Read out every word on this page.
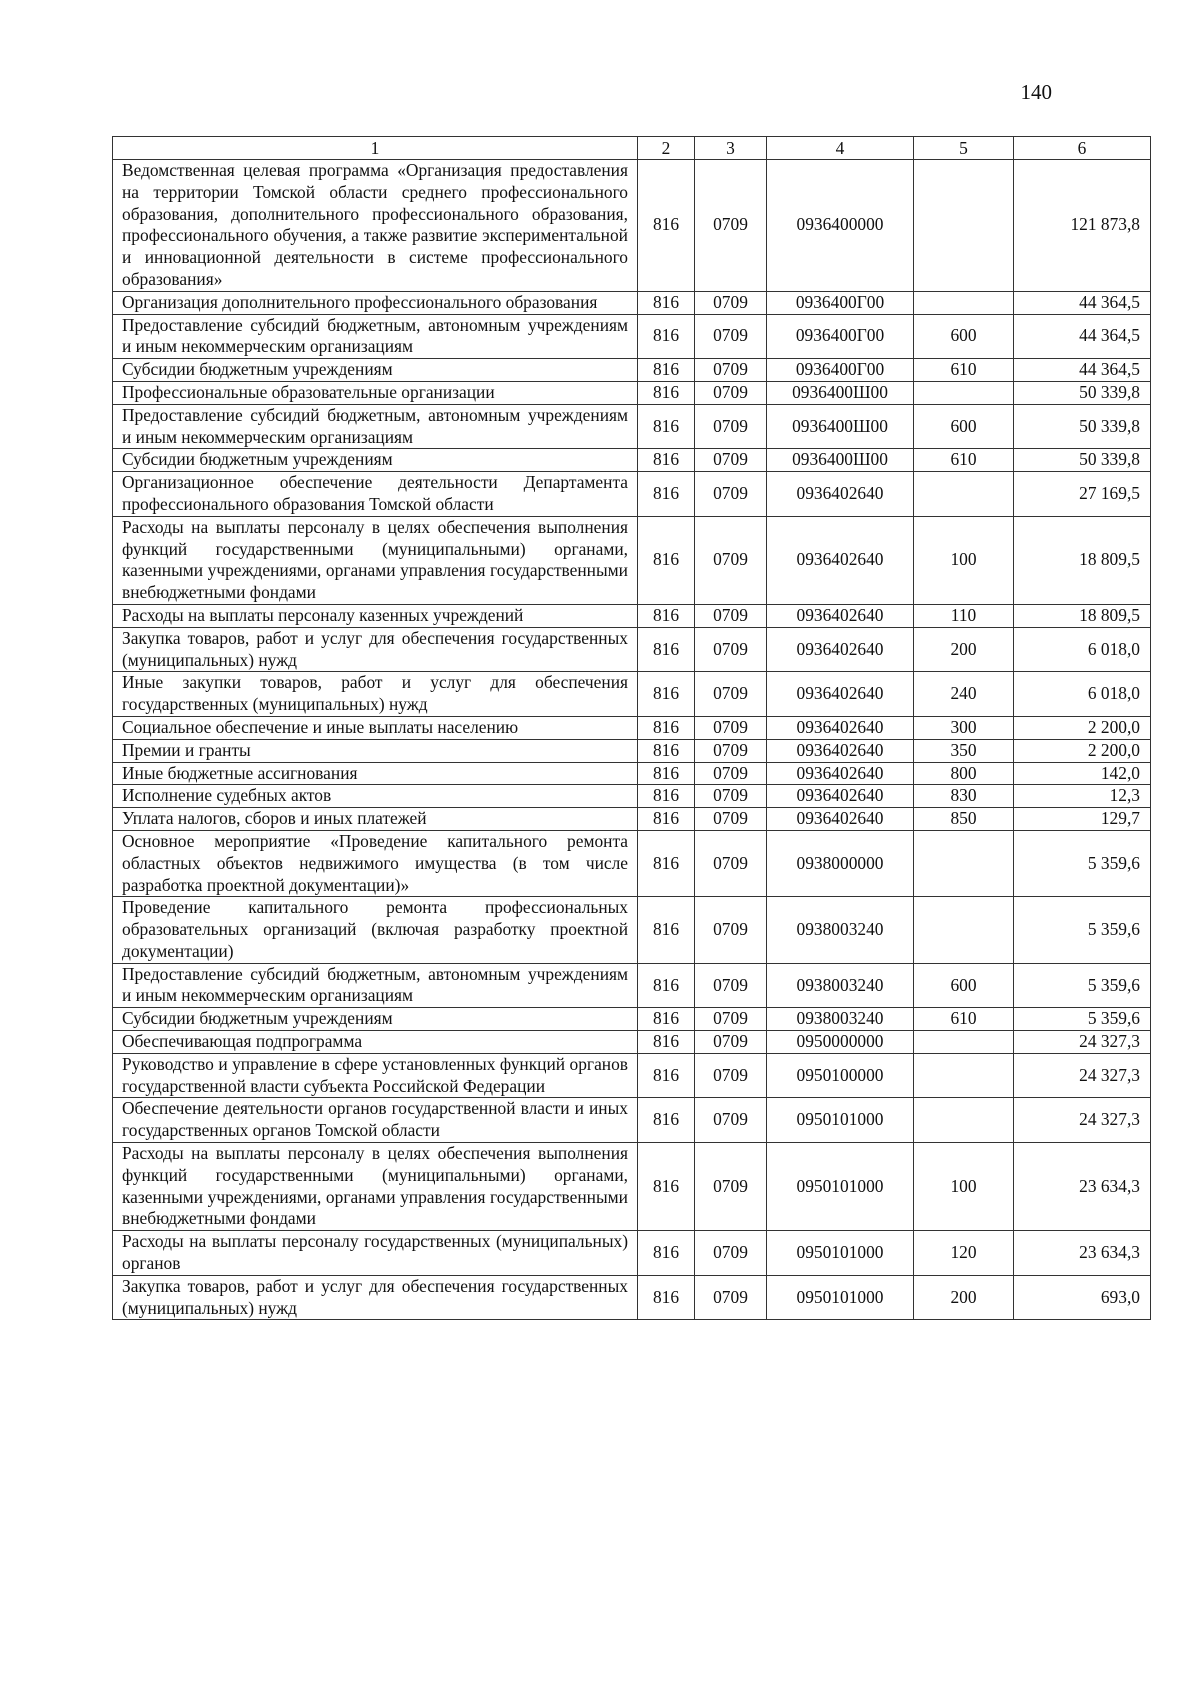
140
1	2	3	4	5	6
Ведомственная целевая программа «Организация предоставления на территории Томской области среднего профессионального образования, дополнительного профессионального образования, профессионального обучения, а также развитие экспериментальной и инновационной деятельности в системе профессионального образования»	816	0709	0936400000		121 873,8
Организация дополнительного профессионального образования	816	0709	0936400Г00		44 364,5
Предоставление субсидий бюджетным, автономным учреждениям и иным некоммерческим организациям	816	0709	0936400Г00	600	44 364,5
Субсидии бюджетным учреждениям	816	0709	0936400Г00	610	44 364,5
Профессиональные образовательные организации	816	0709	0936400Ш00		50 339,8
Предоставление субсидий бюджетным, автономным учреждениям и иным некоммерческим организациям	816	0709	0936400Ш00	600	50 339,8
Субсидии бюджетным учреждениям	816	0709	0936400Ш00	610	50 339,8
Организационное обеспечение деятельности Департамента профессионального образования Томской области	816	0709	0936402640		27 169,5
Расходы на выплаты персоналу в целях обеспечения выполнения функций государственными (муниципальными) органами, казенными учреждениями, органами управления государственными внебюджетными фондами	816	0709	0936402640	100	18 809,5
Расходы на выплаты персоналу казенных учреждений	816	0709	0936402640	110	18 809,5
Закупка товаров, работ и услуг для обеспечения государственных (муниципальных) нужд	816	0709	0936402640	200	6 018,0
Иные закупки товаров, работ и услуг для обеспечения государственных (муниципальных) нужд	816	0709	0936402640	240	6 018,0
Социальное обеспечение и иные выплаты населению	816	0709	0936402640	300	2 200,0
Премии и гранты	816	0709	0936402640	350	2 200,0
Иные бюджетные ассигнования	816	0709	0936402640	800	142,0
Исполнение судебных актов	816	0709	0936402640	830	12,3
Уплата налогов, сборов и иных платежей	816	0709	0936402640	850	129,7
Основное мероприятие «Проведение капитального ремонта областных объектов недвижимого имущества (в том числе разработка проектной документации)»	816	0709	0938000000		5 359,6
Проведение капитального ремонта профессиональных образовательных организаций (включая разработку проектной документации)	816	0709	0938003240		5 359,6
Предоставление субсидий бюджетным, автономным учреждениям и иным некоммерческим организациям	816	0709	0938003240	600	5 359,6
Субсидии бюджетным учреждениям	816	0709	0938003240	610	5 359,6
Обеспечивающая подпрограмма	816	0709	0950000000		24 327,3
Руководство и управление в сфере установленных функций органов государственной власти субъекта Российской Федерации	816	0709	0950100000		24 327,3
Обеспечение деятельности органов государственной власти и иных государственных органов Томской области	816	0709	0950101000		24 327,3
Расходы на выплаты персоналу в целях обеспечения выполнения функций государственными (муниципальными) органами, казенными учреждениями, органами управления государственными внебюджетными фондами	816	0709	0950101000	100	23 634,3
Расходы на выплаты персоналу государственных (муниципальных) органов	816	0709	0950101000	120	23 634,3
Закупка товаров, работ и услуг для обеспечения государственных (муниципальных) нужд	816	0709	0950101000	200	693,0
